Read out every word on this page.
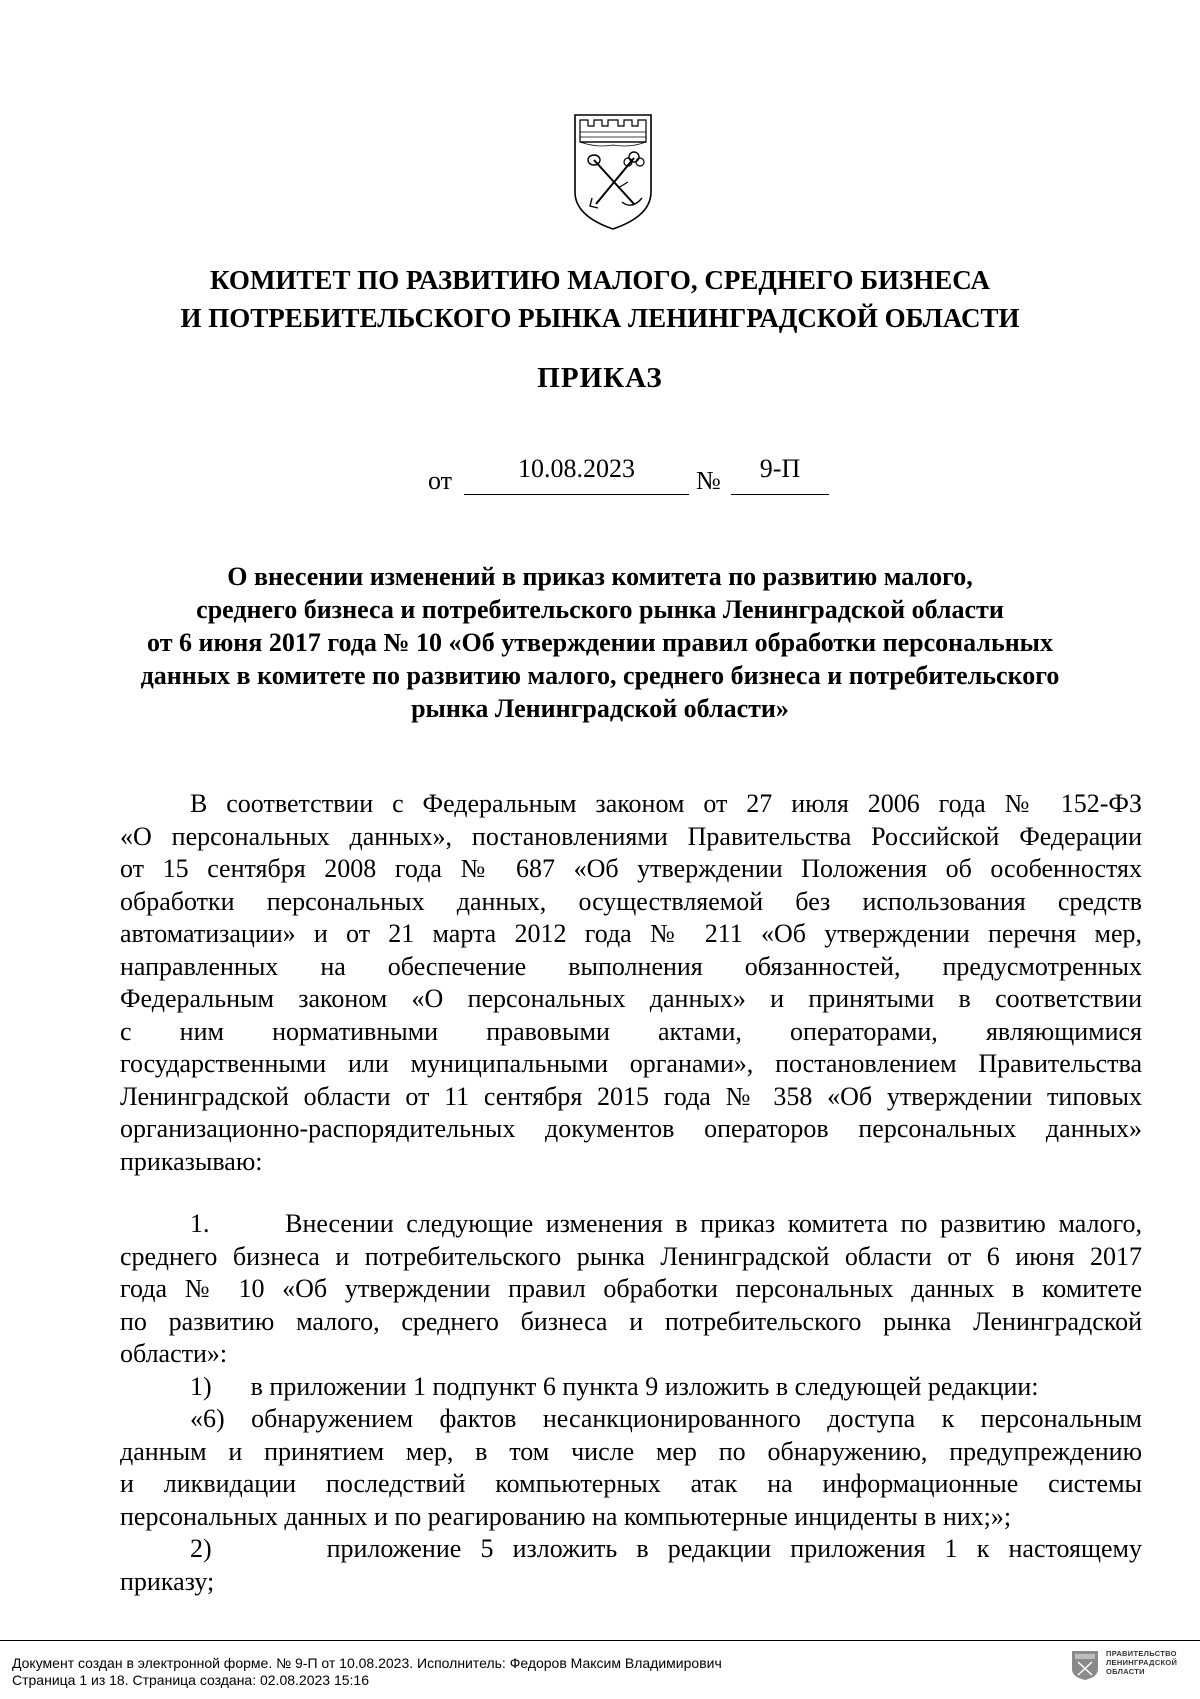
КОМИТЕТ ПО РАЗВИТИЮ МАЛОГО, СРЕДНЕГО БИЗНЕСА
И ПОТРЕБИТЕЛЬСКОГО РЫНКА ЛЕНИНГРАДСКОЙ ОБЛАСТИ
ПРИКАЗ
от	10.08.2023	№	9-П
О внесении изменений в приказ комитета по развитию малого,
среднего бизнеса и потребительского рынка Ленинградской области
от 6 июня 2017 года № 10 «Об утверждении правил обработки персональных
данных в комитете по развитию малого, среднего бизнеса и потребительского
рынка Ленинградской области»
В соответствии с Федеральным законом от 27 июля 2006 года № 152-ФЗ
«О персональных данных», постановлениями Правительства Российской Федерации
от 15 сентября 2008 года № 687 «Об утверждении Положения об особенностях
обработки персональных данных, осуществляемой без использования средств
автоматизации» и от 21 марта 2012 года № 211 «Об утверждении перечня мер,
направленных на обеспечение выполнения обязанностей, предусмотренных
Федеральным законом «О персональных данных» и принятыми в соответствии
с ним нормативными правовыми актами, операторами, являющимися
государственными или муниципальными органами», постановлением Правительства
Ленинградской области от 11 сентября 2015 года № 358 «Об утверждении типовых
организационно-распорядительных документов операторов персональных данных»
приказываю:
1.      Внесении следующие изменения в приказ комитета по развитию малого,
среднего бизнеса и потребительского рынка Ленинградской области от 6 июня 2017
года № 10 «Об утверждении правил обработки персональных данных в комитете
по развитию малого, среднего бизнеса и потребительского рынка Ленинградской
области»:
1)      в приложении 1 подпункт 6 пункта 9 изложить в следующей редакции:
«6) обнаружением фактов несанкционированного доступа к персональным
данным и принятием мер, в том числе мер по обнаружению, предупреждению
и ликвидации последствий компьютерных атак на информационные системы
персональных данных и по реагированию на компьютерные инциденты в них;»;
2)      приложение 5 изложить в редакции приложения 1 к настоящему
приказу;
Документ создан в электронной форме. № 9-П от 10.08.2023. Исполнитель: Федоров Максим Владимирович
Страница 1 из 18. Страница создана: 02.08.2023 15:16
ПРАВИТЕЛЬСТВО
ЛЕНИНГРАДСКОЙ
ОБЛАСТИ
